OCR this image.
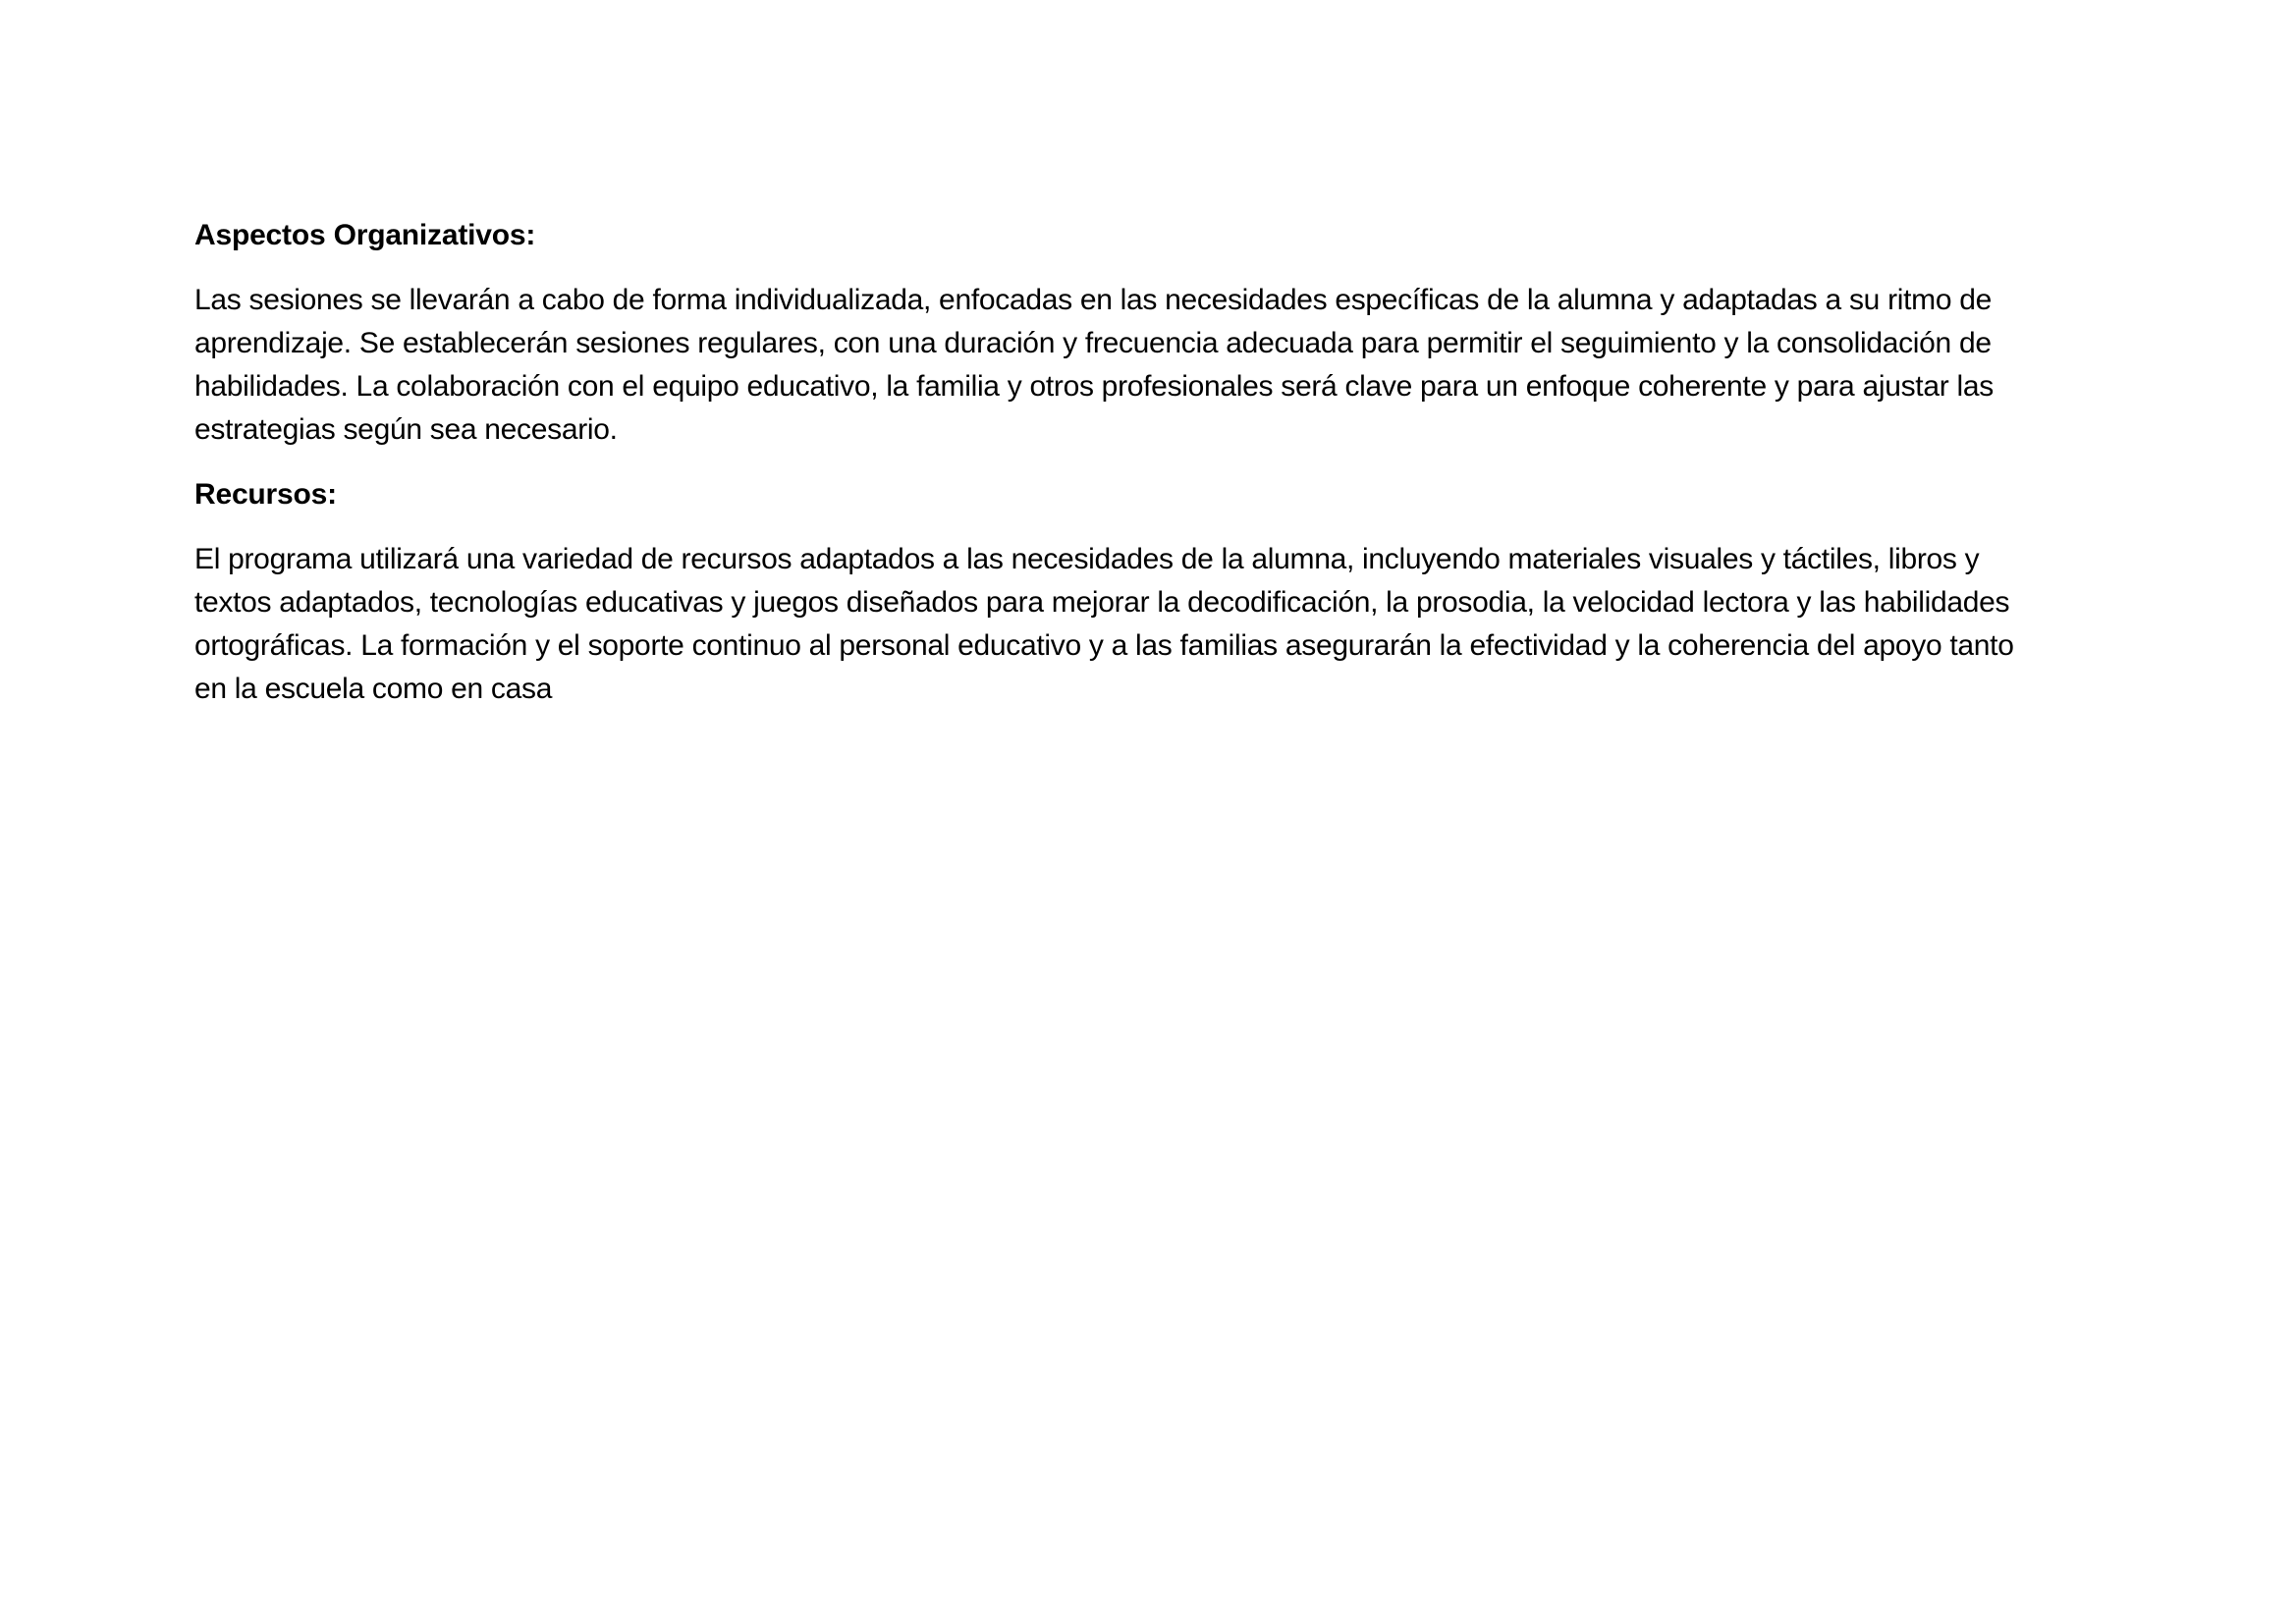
Aspectos Organizativos:

Las sesiones se llevarán a cabo de forma individualizada, enfocadas en las necesidades específicas de la alumna y adaptadas a su ritmo de
aprendizaje. Se establecerán sesiones regulares, con una duración y frecuencia adecuada para permitir el seguimiento y la consolidación de
habilidades. La colaboración con el equipo educativo, la familia y otros profesionales será clave para un enfoque coherente y para ajustar las
estrategias según sea necesario.

Recursos:

El programa utilizará una variedad de recursos adaptados a las necesidades de la alumna, incluyendo materiales visuales y táctiles, libros y
textos adaptados, tecnologías educativas y juegos diseñados para mejorar la decodificación, la prosodia, la velocidad lectora y las habilidades
ortográficas. La formación y el soporte continuo al personal educativo y a las familias asegurarán la efectividad y la coherencia del apoyo tanto
en la escuela como en casa
